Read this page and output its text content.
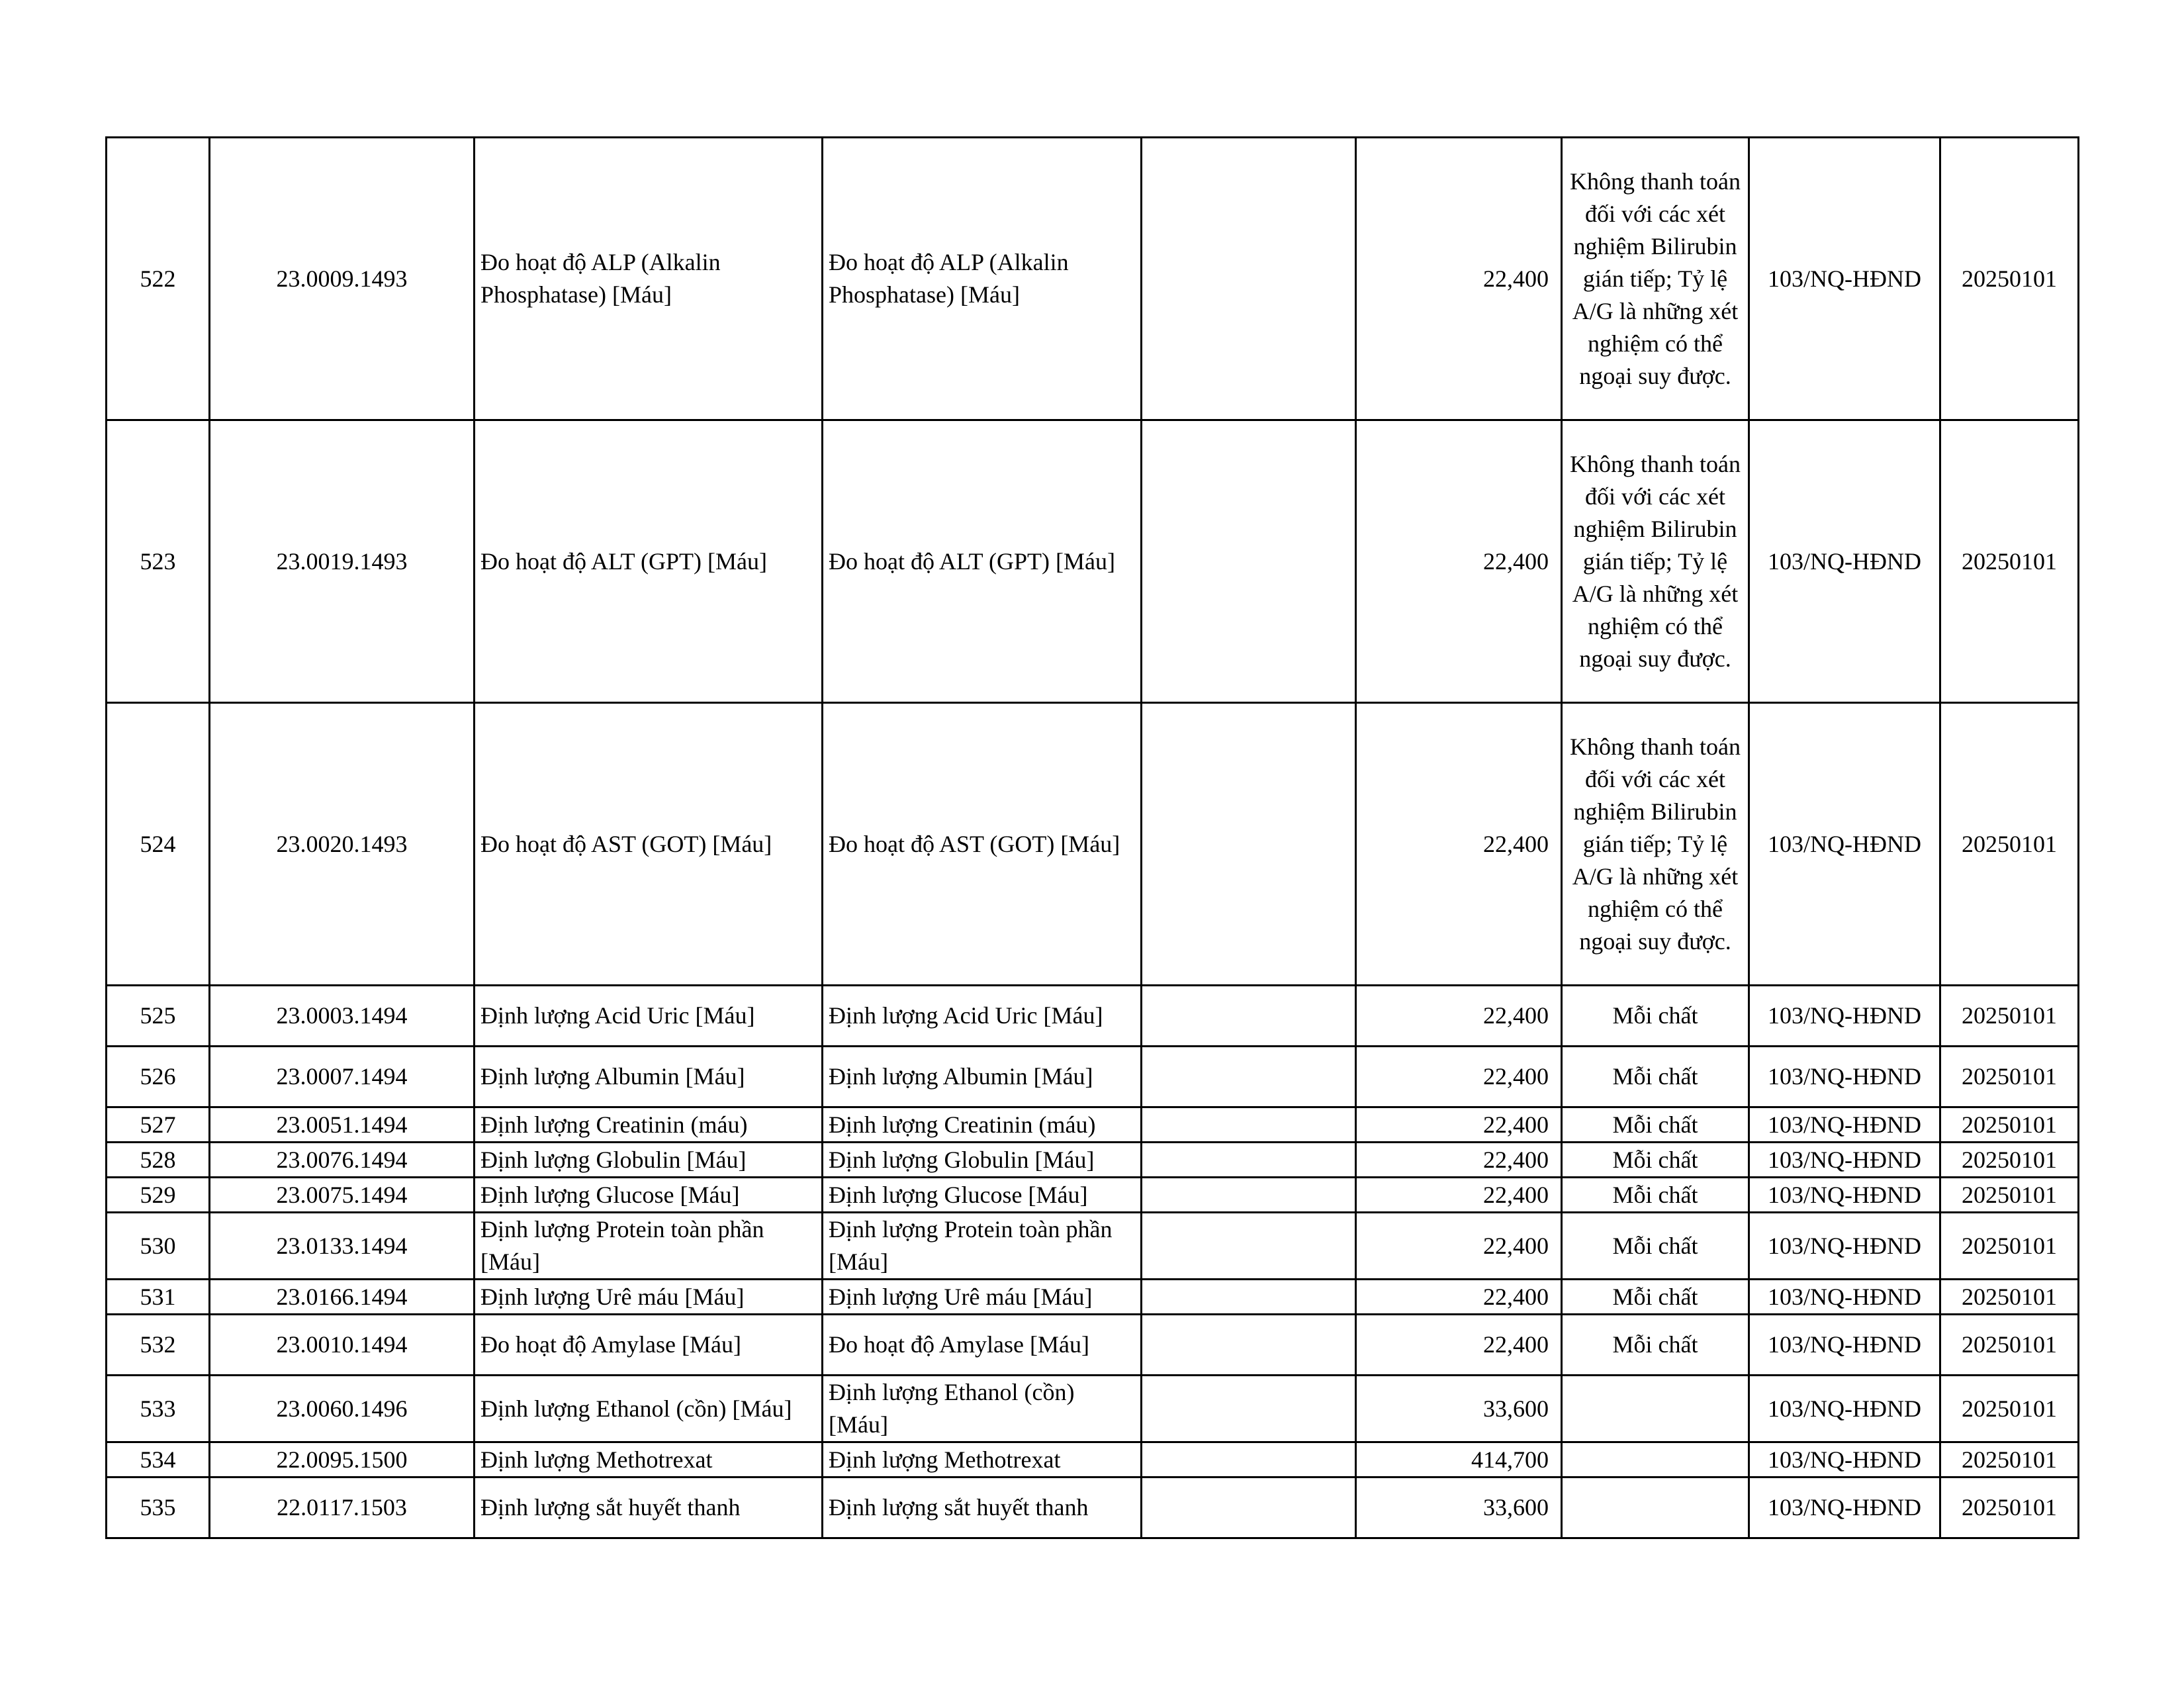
522	23.0009.1493	Đo hoạt độ ALP (Alkalin Phosphatase) [Máu]	Đo hoạt độ ALP (Alkalin Phosphatase) [Máu]		22,400	Không thanh toán đối với các xét nghiệm Bilirubin gián tiếp; Tỷ lệ A/G là những xét nghiệm có thể ngoại suy được.	103/NQ-HĐND	20250101
523	23.0019.1493	Đo hoạt độ ALT (GPT) [Máu]	Đo hoạt độ ALT (GPT) [Máu]		22,400	Không thanh toán đối với các xét nghiệm Bilirubin gián tiếp; Tỷ lệ A/G là những xét nghiệm có thể ngoại suy được.	103/NQ-HĐND	20250101
524	23.0020.1493	Đo hoạt độ AST (GOT) [Máu]	Đo hoạt độ AST (GOT) [Máu]		22,400	Không thanh toán đối với các xét nghiệm Bilirubin gián tiếp; Tỷ lệ A/G là những xét nghiệm có thể ngoại suy được.	103/NQ-HĐND	20250101
525	23.0003.1494	Định lượng Acid Uric [Máu]	Định lượng Acid Uric [Máu]		22,400	Mỗi chất	103/NQ-HĐND	20250101
526	23.0007.1494	Định lượng Albumin [Máu]	Định lượng Albumin [Máu]		22,400	Mỗi chất	103/NQ-HĐND	20250101
527	23.0051.1494	Định lượng Creatinin (máu)	Định lượng Creatinin (máu)		22,400	Mỗi chất	103/NQ-HĐND	20250101
528	23.0076.1494	Định lượng Globulin [Máu]	Định lượng Globulin [Máu]		22,400	Mỗi chất	103/NQ-HĐND	20250101
529	23.0075.1494	Định lượng Glucose [Máu]	Định lượng Glucose [Máu]		22,400	Mỗi chất	103/NQ-HĐND	20250101
530	23.0133.1494	Định lượng Protein toàn phần [Máu]	Định lượng Protein toàn phần [Máu]		22,400	Mỗi chất	103/NQ-HĐND	20250101
531	23.0166.1494	Định lượng Urê máu [Máu]	Định lượng Urê máu [Máu]		22,400	Mỗi chất	103/NQ-HĐND	20250101
532	23.0010.1494	Đo hoạt độ Amylase [Máu]	Đo hoạt độ Amylase [Máu]		22,400	Mỗi chất	103/NQ-HĐND	20250101
533	23.0060.1496	Định lượng Ethanol (cồn) [Máu]	Định lượng Ethanol (cồn) [Máu]		33,600		103/NQ-HĐND	20250101
534	22.0095.1500	Định lượng Methotrexat	Định lượng Methotrexat		414,700		103/NQ-HĐND	20250101
535	22.0117.1503	Định lượng sắt huyết thanh	Định lượng sắt huyết thanh		33,600		103/NQ-HĐND	20250101
